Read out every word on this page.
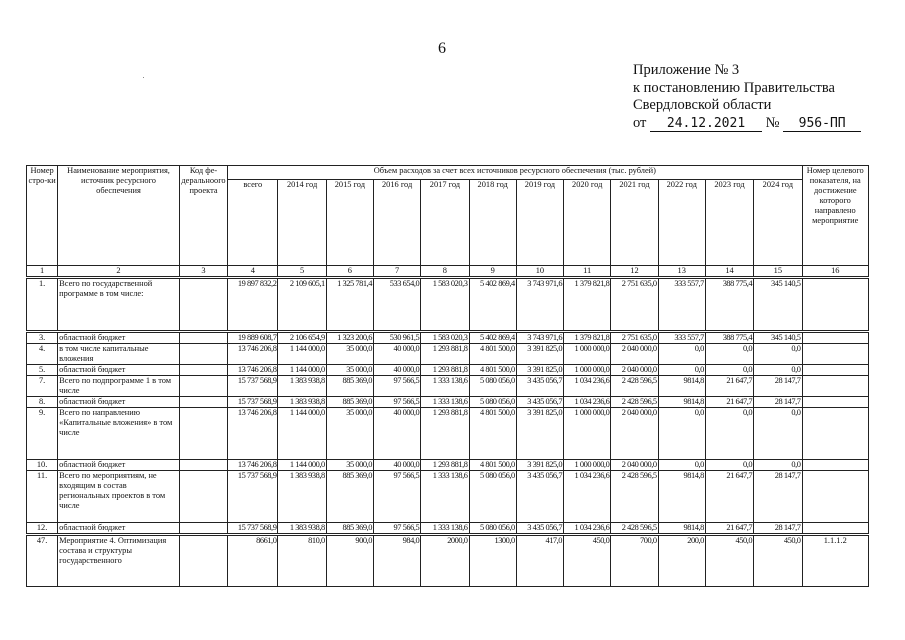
6
Приложение № 3
к постановлению Правительства
Свердловской области
от 24.12.2021 № 956-ПП
Номер стро-ки	Наименование мероприятия, источник ресурсного обеспечения	Код фе-деральноого проекта	Объем расходов за счет всех источников ресурсного обеспечения (тыс. рублей)												Номер целевого показателя, на достижение которого направлено мероприятие
			всего	2014 год	2015 год	2016 год	2017 год	2018 год	2019 год	2020 год	2021 год	2022 год	2023 год	2024 год	
1	2	3	4	5	6	7	8	9	10	11	12	13	14	15	16
1.	Всего по государственной программе в том числе:		19 897 832,2	2 109 605,1	1 325 781,4	533 654,0	1 583 020,3	5 402 869,4	3 743 971,6	1 379 821,8	2 751 635,0	333 557,7	388 775,4	345 140,5	
3.	областной бюджет		19 889 608,7	2 106 654,9	1 323 200,6	530 961,5	1 583 020,3	5 402 869,4	3 743 971,6	1 379 821,8	2 751 635,0	333 557,7	388 775,4	345 140,5	
4.	в том числе капитальные вложения		13 746 206,8	1 144 000,0	35 000,0	40 000,0	1 293 881,8	4 801 500,0	3 391 825,0	1 000 000,0	2 040 000,0	0,0	0,0	0,0	
5.	областной бюджет		13 746 206,8	1 144 000,0	35 000,0	40 000,0	1 293 881,8	4 801 500,0	3 391 825,0	1 000 000,0	2 040 000,0	0,0	0,0	0,0	
7.	Всего по подпрограмме 1 в том числе		15 737 568,9	1 383 938,8	885 369,0	97 566,5	1 333 138,6	5 080 056,0	3 435 056,7	1 034 236,6	2 428 596,5	9814,8	21 647,7	28 147,7	
8.	областной бюджет		15 737 568,9	1 383 938,8	885 369,0	97 566,5	1 333 138,6	5 080 056,0	3 435 056,7	1 034 236,6	2 428 596,5	9814,8	21 647,7	28 147,7	
9.	Всего по направлению «Капитальные вложения» в том числе		13 746 206,8	1 144 000,0	35 000,0	40 000,0	1 293 881,8	4 801 500,0	3 391 825,0	1 000 000,0	2 040 000,0	0,0	0,0	0,0	
10.	областной бюджет		13 746 206,8	1 144 000,0	35 000,0	40 000,0	1 293 881,8	4 801 500,0	3 391 825,0	1 000 000,0	2 040 000,0	0,0	0,0	0,0	
11.	Всего по мероприятиям, не входящим в состав региональных проектов в том числе		15 737 568,9	1 383 938,8	885 369,0	97 566,5	1 333 138,6	5 080 056,0	3 435 056,7	1 034 236,6	2 428 596,5	9814,8	21 647,7	28 147,7	
12.	областной бюджет		15 737 568,9	1 383 938,8	885 369,0	97 566,5	1 333 138,6	5 080 056,0	3 435 056,7	1 034 236,6	2 428 596,5	9814,8	21 647,7	28 147,7	
47.	Мероприятие 4. Оптимизация состава и структуры государственного		8661,0	810,0	900,0	984,0	2000,0	1300,0	417,0	450,0	700,0	200,0	450,0	450,0	1.1.1.2
